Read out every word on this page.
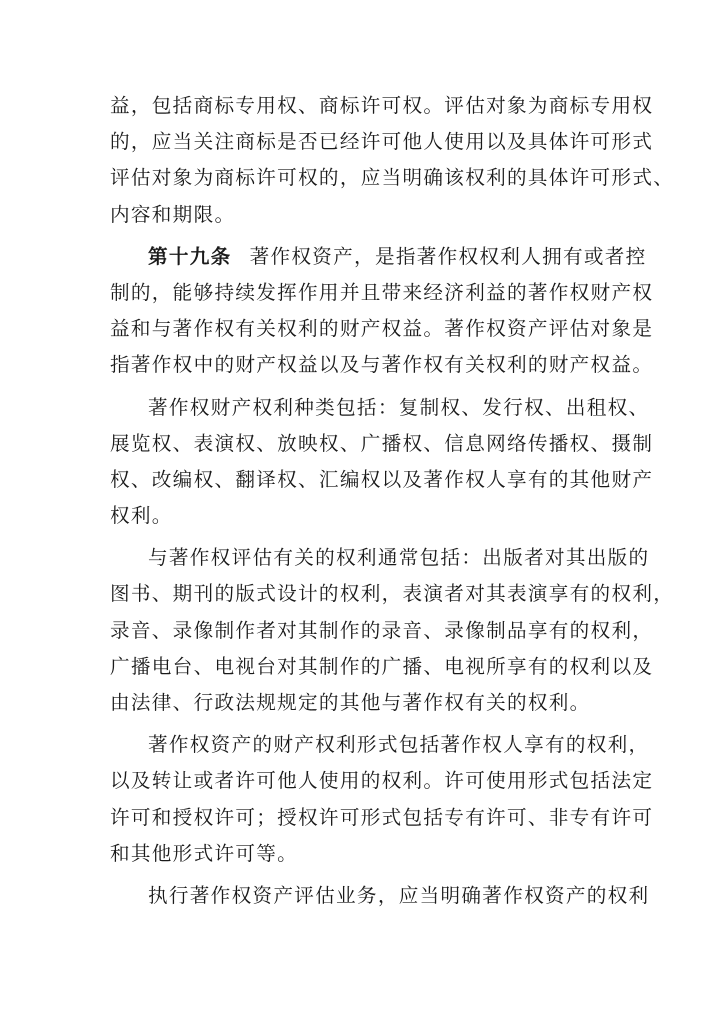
益，包括商标专用权、商标许可权。评估对象为商标专用权
的，应当关注商标是否已经许可他人使用以及具体许可形式
评估对象为商标许可权的，应当明确该权利的具体许可形式、
内容和期限。
第十九条 著作权资产，是指著作权权利人拥有或者控
制的，能够持续发挥作用并且带来经济利益的著作权财产权
益和与著作权有关权利的财产权益。著作权资产评估对象是
指著作权中的财产权益以及与著作权有关权利的财产权益。
著作权财产权利种类包括：复制权、发行权、出租权、
展览权、表演权、放映权、广播权、信息网络传播权、摄制
权、改编权、翻译权、汇编权以及著作权人享有的其他财产
权利。
与著作权评估有关的权利通常包括：出版者对其出版的
图书、期刊的版式设计的权利，表演者对其表演享有的权利，
录音、录像制作者对其制作的录音、录像制品享有的权利，
广播电台、电视台对其制作的广播、电视所享有的权利以及
由法律、行政法规规定的其他与著作权有关的权利。
著作权资产的财产权利形式包括著作权人享有的权利，
以及转让或者许可他人使用的权利。许可使用形式包括法定
许可和授权许可；授权许可形式包括专有许可、非专有许可
和其他形式许可等。
执行著作权资产评估业务，应当明确著作权资产的权利
